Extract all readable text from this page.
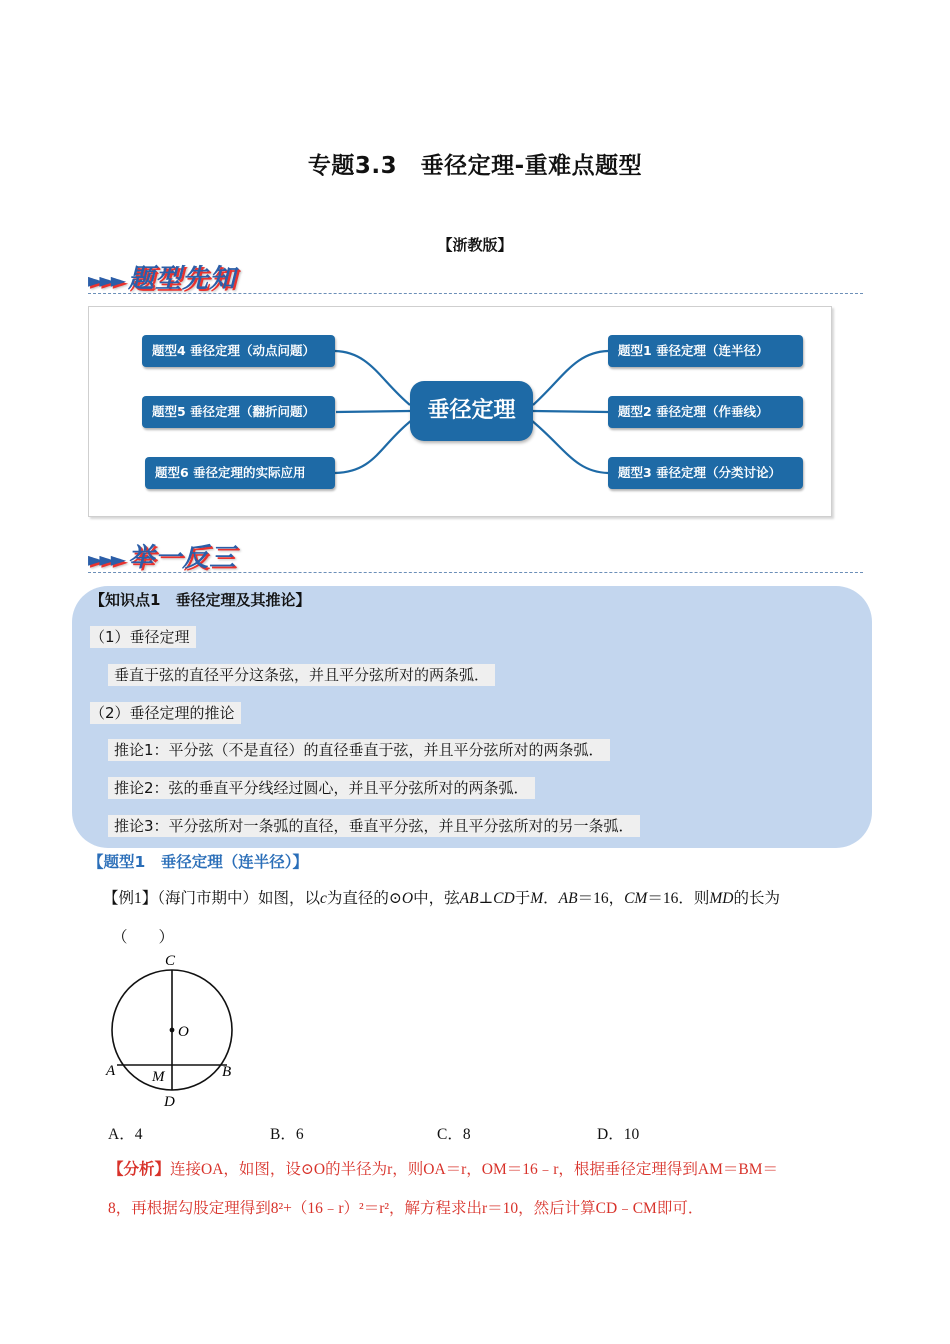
专题3.3　垂径定理-重难点题型
【浙教版】
►►► 题型先知
题型4 垂径定理（动点问题）
题型5 垂径定理（翻折问题）
题型6 垂径定理的实际应用
题型1 垂径定理（连半径）
题型2 垂径定理（作垂线）
题型3 垂径定理（分类讨论）
垂径定理
►►► 举一反三
【知识点1　垂径定理及其推论】
（1）垂径定理
垂直于弦的直径平分这条弦，并且平分弦所对的两条弧．
（2）垂径定理的推论
推论1：平分弦（不是直径）的直径垂直于弦，并且平分弦所对的两条弧．
推论2：弦的垂直平分线经过圆心，并且平分弦所对的两条弧．
推论3：平分弦所对一条弧的直径，垂直平分弦，并且平分弦所对的另一条弧．
【题型1　垂径定理（连半径）】
【例1】（海门市期中）如图，以c为直径的⊙O中，弦AB⊥CD于M．AB＝16，CM＝16．则MD的长为
（　　）
C
O
A M	B
D
A．4	B．6	C．8	D．10
【分析】连接OA，如图，设⊙O的半径为r，则OA＝r，OM＝16﹣r，根据垂径定理得到AM＝BM＝
8，再根据勾股定理得到8²+（16﹣r）²＝r²，解方程求出r＝10，然后计算CD﹣CM即可．
